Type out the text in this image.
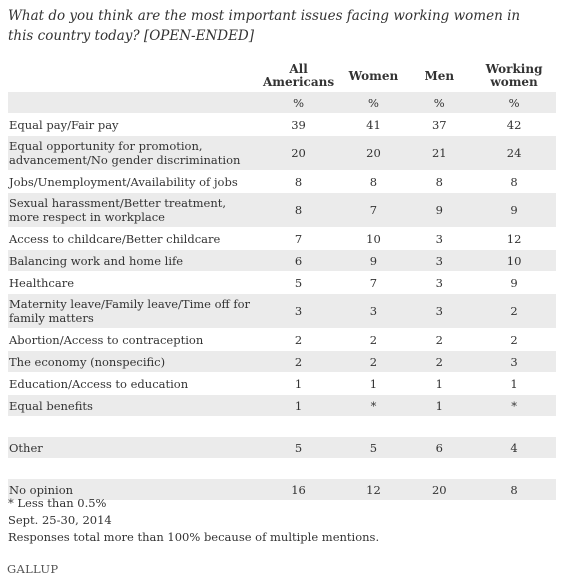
What do you think are the most important issues facing working women in this country today? [OPEN-ENDED]
	All Americans	Women	Men	Working women
	%	%	%	%
Equal pay/Fair pay	39	41	37	42
Equal opportunity for promotion, advancement/No gender discrimination	20	20	21	24
Jobs/Unemployment/Availability of jobs	8	8	8	8
Sexual harassment/Better treatment, more respect in workplace	8	7	9	9
Access to childcare/Better childcare	7	10	3	12
Balancing work and home life	6	9	3	10
Healthcare	5	7	3	9
Maternity leave/Family leave/Time off for family matters	3	3	3	2
Abortion/Access to contraception	2	2	2	2
The economy (nonspecific)	2	2	2	3
Education/Access to education	1	1	1	1
Equal benefits	1	*	1	*

Other	5	5	6	4

No opinion	16	12	20	8
* Less than 0.5%
Sept. 25-30, 2014
Responses total more than 100% because of multiple mentions.
GALLUP
